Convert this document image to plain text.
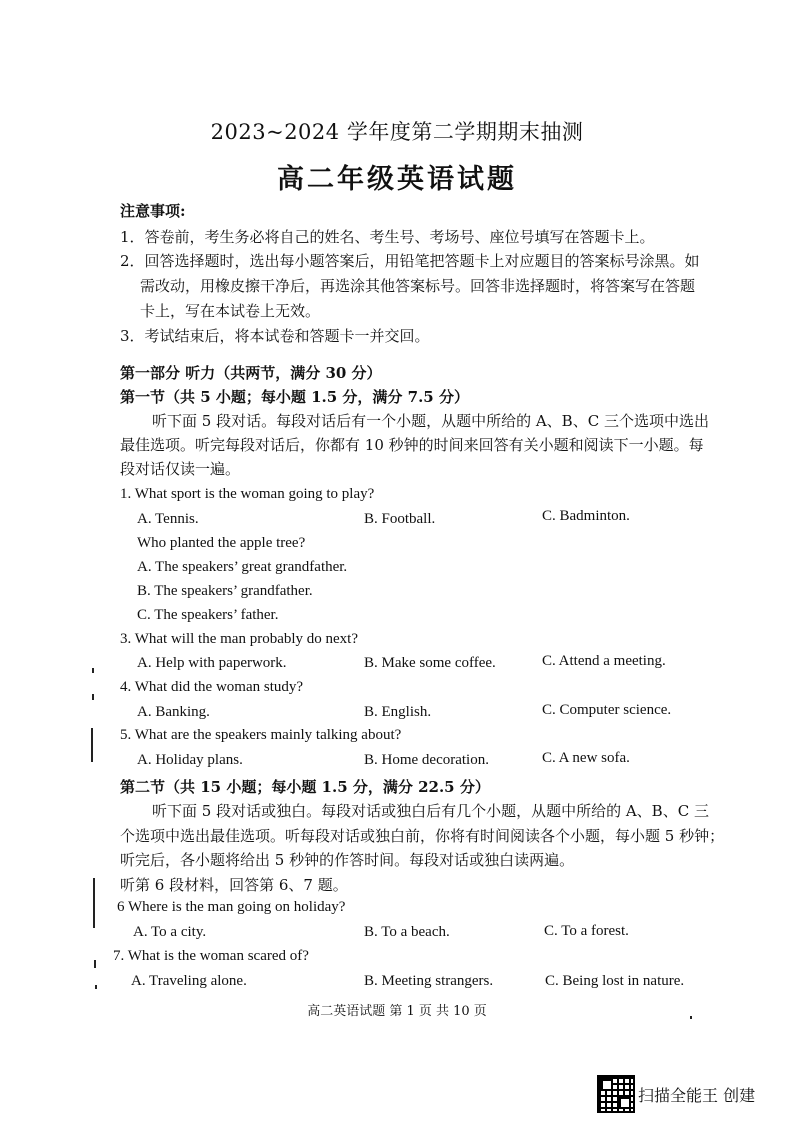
2023~2024 学年度第二学期期末抽测
高二年级英语试题
注意事项:
1．答卷前，考生务必将自己的姓名、考生号、考场号、座位号填写在答题卡上。
2．回答选择题时，选出每小题答案后，用铅笔把答题卡上对应题目的答案标号涂黑。如
需改动，用橡皮擦干净后，再选涂其他答案标号。回答非选择题时，将答案写在答题
卡上，写在本试卷上无效。
3．考试结束后，将本试卷和答题卡一并交回。
第一部分 听力（共两节，满分 30 分）
第一节（共 5 小题；每小题 1.5 分，满分 7.5 分）
听下面 5 段对话。每段对话后有一个小题，从题中所给的 A、B、C 三个选项中选出
最佳选项。听完每段对话后，你都有 10 秒钟的时间来回答有关小题和阅读下一小题。每
段对话仅读一遍。
1. What sport is the woman going to play?
A. Tennis.	B. Football.	C. Badminton.
Who planted the apple tree?
A. The speakers’ great grandfather.
B. The speakers’ grandfather.
C. The speakers’ father.
3. What will the man probably do next?
A. Help with paperwork.	B. Make some coffee.	C. Attend a meeting.
4. What did the woman study?
A. Banking.	B. English.	C. Computer science.
5. What are the speakers mainly talking about?
A. Holiday plans.	B. Home decoration.	C. A new sofa.
第二节（共 15 小题；每小题 1.5 分，满分 22.5 分）
听下面 5 段对话或独白。每段对话或独白后有几个小题，从题中所给的 A、B、C 三
个选项中选出最佳选项。听每段对话或独白前，你将有时间阅读各个小题，每小题 5 秒钟；
听完后，各小题将给出 5 秒钟的作答时间。每段对话或独白读两遍。
听第 6 段材料，回答第 6、7 题。
6 Where is the man going on holiday?
A. To a city.	B. To a beach.	C. To a forest.
7. What is the woman scared of?
A. Traveling alone.	B. Meeting strangers.	C. Being lost in nature.
高二英语试题 第 1 页 共 10 页
扫描全能王 创建
